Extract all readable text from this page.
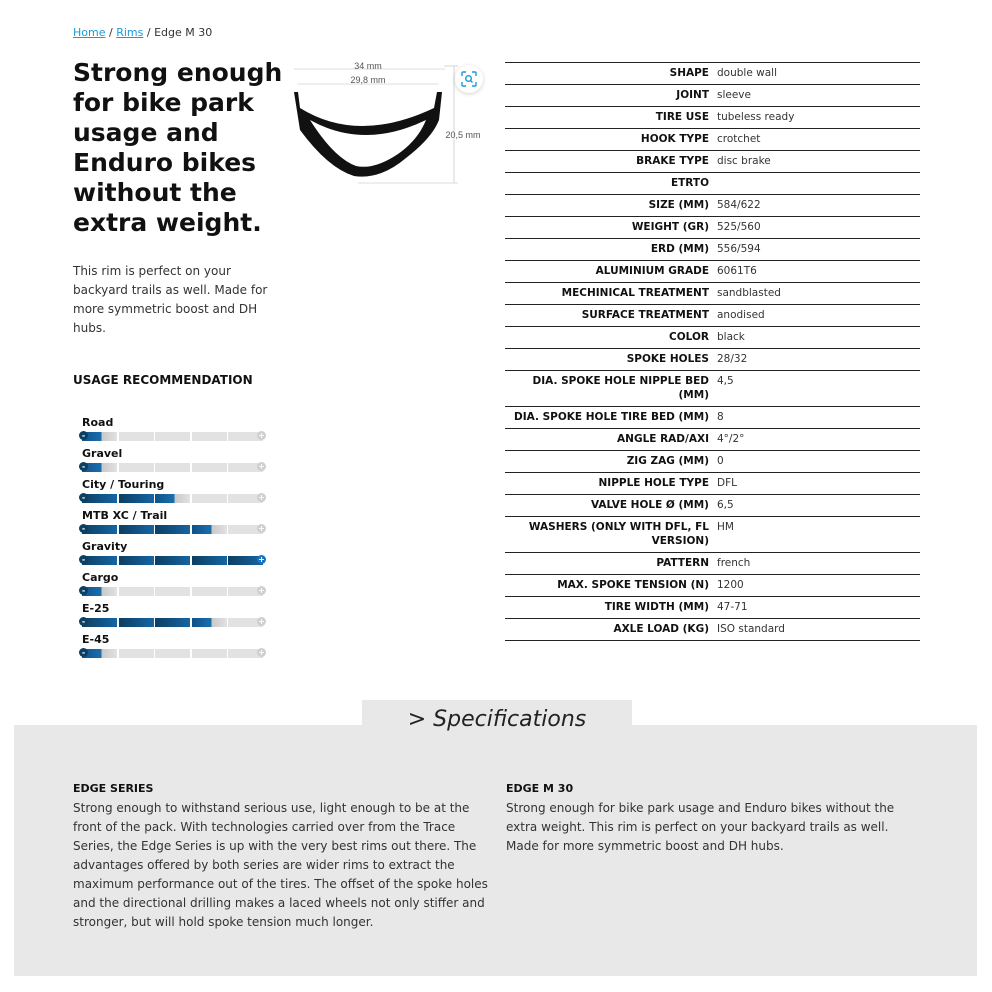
Home / Rims / Edge M 30
Strong enough for bike park usage and Enduro bikes without the extra weight.

This rim is perfect on your backyard trails as well. Made for more symmetric boost and DH hubs.

USAGE RECOMMENDATION
Road
-	+
Gravel
-	+
City / Touring
-	+
MTB XC / Trail
-	+
Gravity
-	+
Cargo
-	+
E-25
-	+
E-45
-	+
34 mm
29,8 mm
20,5 mm
SHAPE	double wall
JOINT	sleeve
TIRE USE	tubeless ready
HOOK TYPE	crotchet
BRAKE TYPE	disc brake
ETRTO	
SIZE (MM)	584/622
WEIGHT (GR)	525/560
ERD (MM)	556/594
ALUMINIUM GRADE	6061T6
MECHINICAL TREATMENT	sandblasted
SURFACE TREATMENT	anodised
COLOR	black
SPOKE HOLES	28/32
DIA. SPOKE HOLE NIPPLE BED (MM)	4,5
DIA. SPOKE HOLE TIRE BED (MM)	8
ANGLE RAD/AXI	4°/2°
ZIG ZAG (MM)	0
NIPPLE HOLE TYPE	DFL
VALVE HOLE Ø (MM)	6,5
WASHERS (ONLY WITH DFL, FL VERSION)	HM
PATTERN	french
MAX. SPOKE TENSION (N)	1200
TIRE WIDTH (MM)	47-71
AXLE LOAD (KG)	ISO standard
> Specifications
EDGE SERIES

Strong enough to withstand serious use, light enough to be at the front of the pack. With technologies carried over from the Trace Series, the Edge Series is up with the very best rims out there. The advantages offered by both series are wider rims to extract the maximum performance out of the tires. The offset of the spoke holes and the directional drilling makes a laced wheels not only stiffer and stronger, but will hold spoke tension much longer.

EDGE M 30

Strong enough for bike park usage and Enduro bikes without the extra weight. This rim is perfect on your backyard trails as well. Made for more symmetric boost and DH hubs.
